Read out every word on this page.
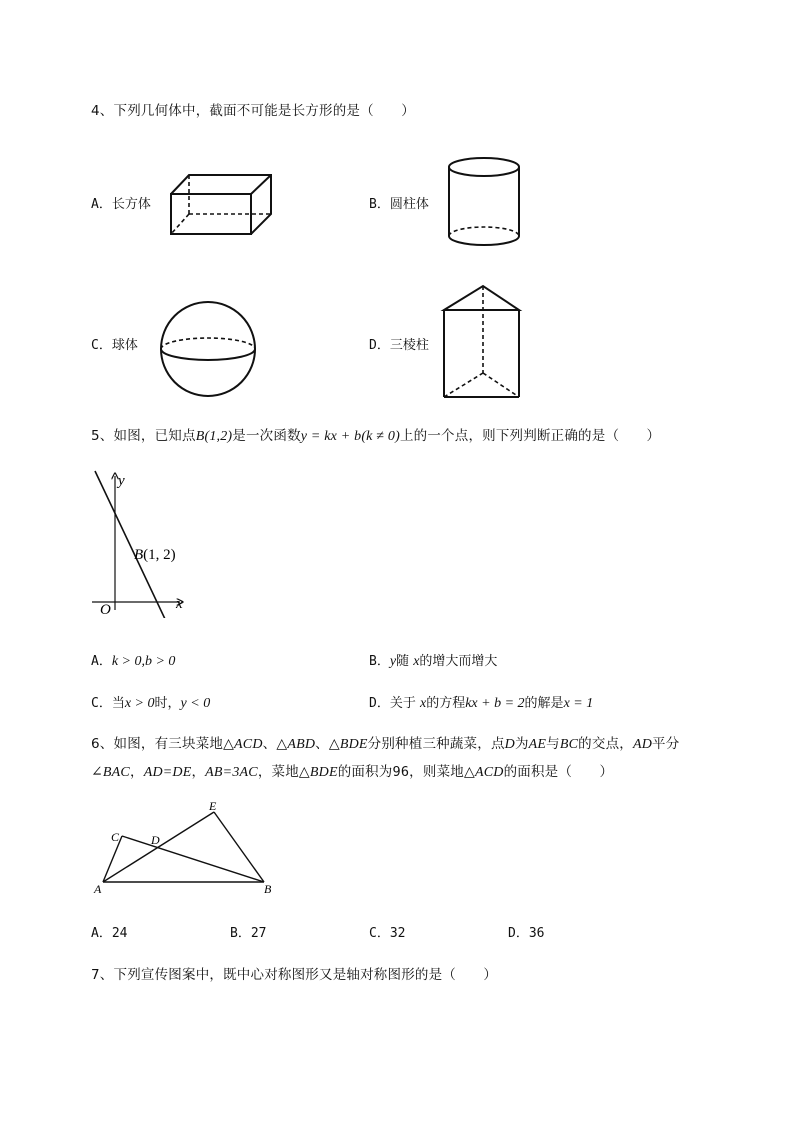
4、下列几何体中，截面不可能是长方形的是（　　）
A．长方体	B．圆柱体
C．球体	D．三棱柱
5、如图，已知点B(1,2)是一次函数y = kx + b(k ≠ 0)上的一个点，则下列判断正确的是（　　）
y
x
O
B(1, 2)
A．k > 0,b > 0	B．y随 x的增大而增大
C．当x > 0时，y < 0	D．关于 x的方程kx + b = 2的解是x = 1
6、如图，有三块菜地△ACD、△ABD、△BDE分别种植三种蔬菜，点D为AE与BC的交点，AD平分
∠BAC，AD=DE，AB=3AC，菜地△BDE的面积为96，则菜地△ACD的面积是（　　）
A	B
C	D
E
A．24	B．27	C．32	D．36
7、下列宣传图案中，既中心对称图形又是轴对称图形的是（　　）
